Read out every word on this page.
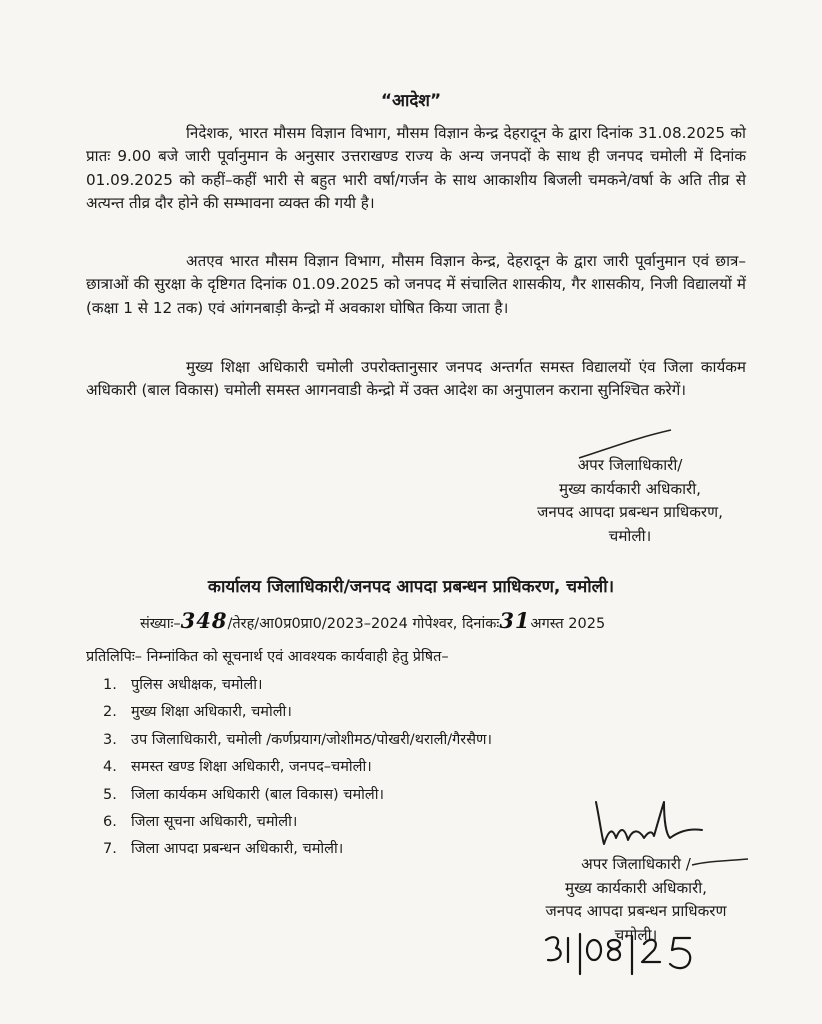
“आदेश”

निदेशक, भारत मौसम विज्ञान विभाग, मौसम विज्ञान केन्द्र देहरादून के द्वारा दिनांक 31.08.2025 को प्रातः 9.00 बजे जारी पूर्वानुमान के अनुसार उत्तराखण्ड राज्य के अन्य जनपदों के साथ ही जनपद चमोली में दिनांक 01.09.2025 को कहीं–कहीं भारी से बहुत भारी वर्षा/गर्जन के साथ आकाशीय बिजली चमकने/वर्षा के अति तीव्र से अत्यन्त तीव्र दौर होने की सम्भावना व्यक्त की गयी है।

अतएव भारत मौसम विज्ञान विभाग, मौसम विज्ञान केन्द्र, देहरादून के द्वारा जारी पूर्वानुमान एवं छात्र–छात्राओं की सुरक्षा के दृष्टिगत दिनांक 01.09.2025 को जनपद में संचालित शासकीय, गैर शासकीय, निजी विद्यालयों में (कक्षा 1 से 12 तक) एवं आंगनबाड़ी केन्द्रो में अवकाश घोषित किया जाता है।

मुख्य शिक्षा अधिकारी चमोली उपरोक्तानुसार जनपद अन्तर्गत समस्त विद्यालयों एंव जिला कार्यकम अधिकारी (बाल विकास) चमोली समस्त आगनवाडी केन्द्रो में उक्त आदेश का अनुपालन कराना सुनिश्चित करेगें।

अपर जिलाधिकारी/
मुख्य कार्यकारी अधिकारी,
जनपद आपदा प्रबन्धन प्राधिकरण,
चमोली।
कार्यालय जिलाधिकारी/जनपद आपदा प्रबन्धन प्राधिकरण, चमोली।
संख्याः–348/तेरह/आ0प्र0प्रा0/2023–2024 गोपेश्वर, दिनांकः31अगस्त 2025
प्रतिलिपिः– निम्नांकित को सूचनार्थ एवं आवश्यक कार्यवाही हेतु प्रेषित–
1. पुलिस अधीक्षक, चमोली।
2. मुख्य शिक्षा अधिकारी, चमोली।
3. उप जिलाधिकारी, चमोली /कर्णप्रयाग/जोशीमठ/पोखरी/थराली/गैरसैण।
4. समस्त खण्ड शिक्षा अधिकारी, जनपद–चमोली।
5. जिला कार्यकम अधिकारी (बाल विकास) चमोली।
6. जिला सूचना अधिकारी, चमोली।
7. जिला आपदा प्रबन्धन अधिकारी, चमोली।
अपर जिलाधिकारी /
मुख्य कार्यकारी अधिकारी,
जनपद आपदा प्रबन्धन प्राधिकरण
चमोली।
